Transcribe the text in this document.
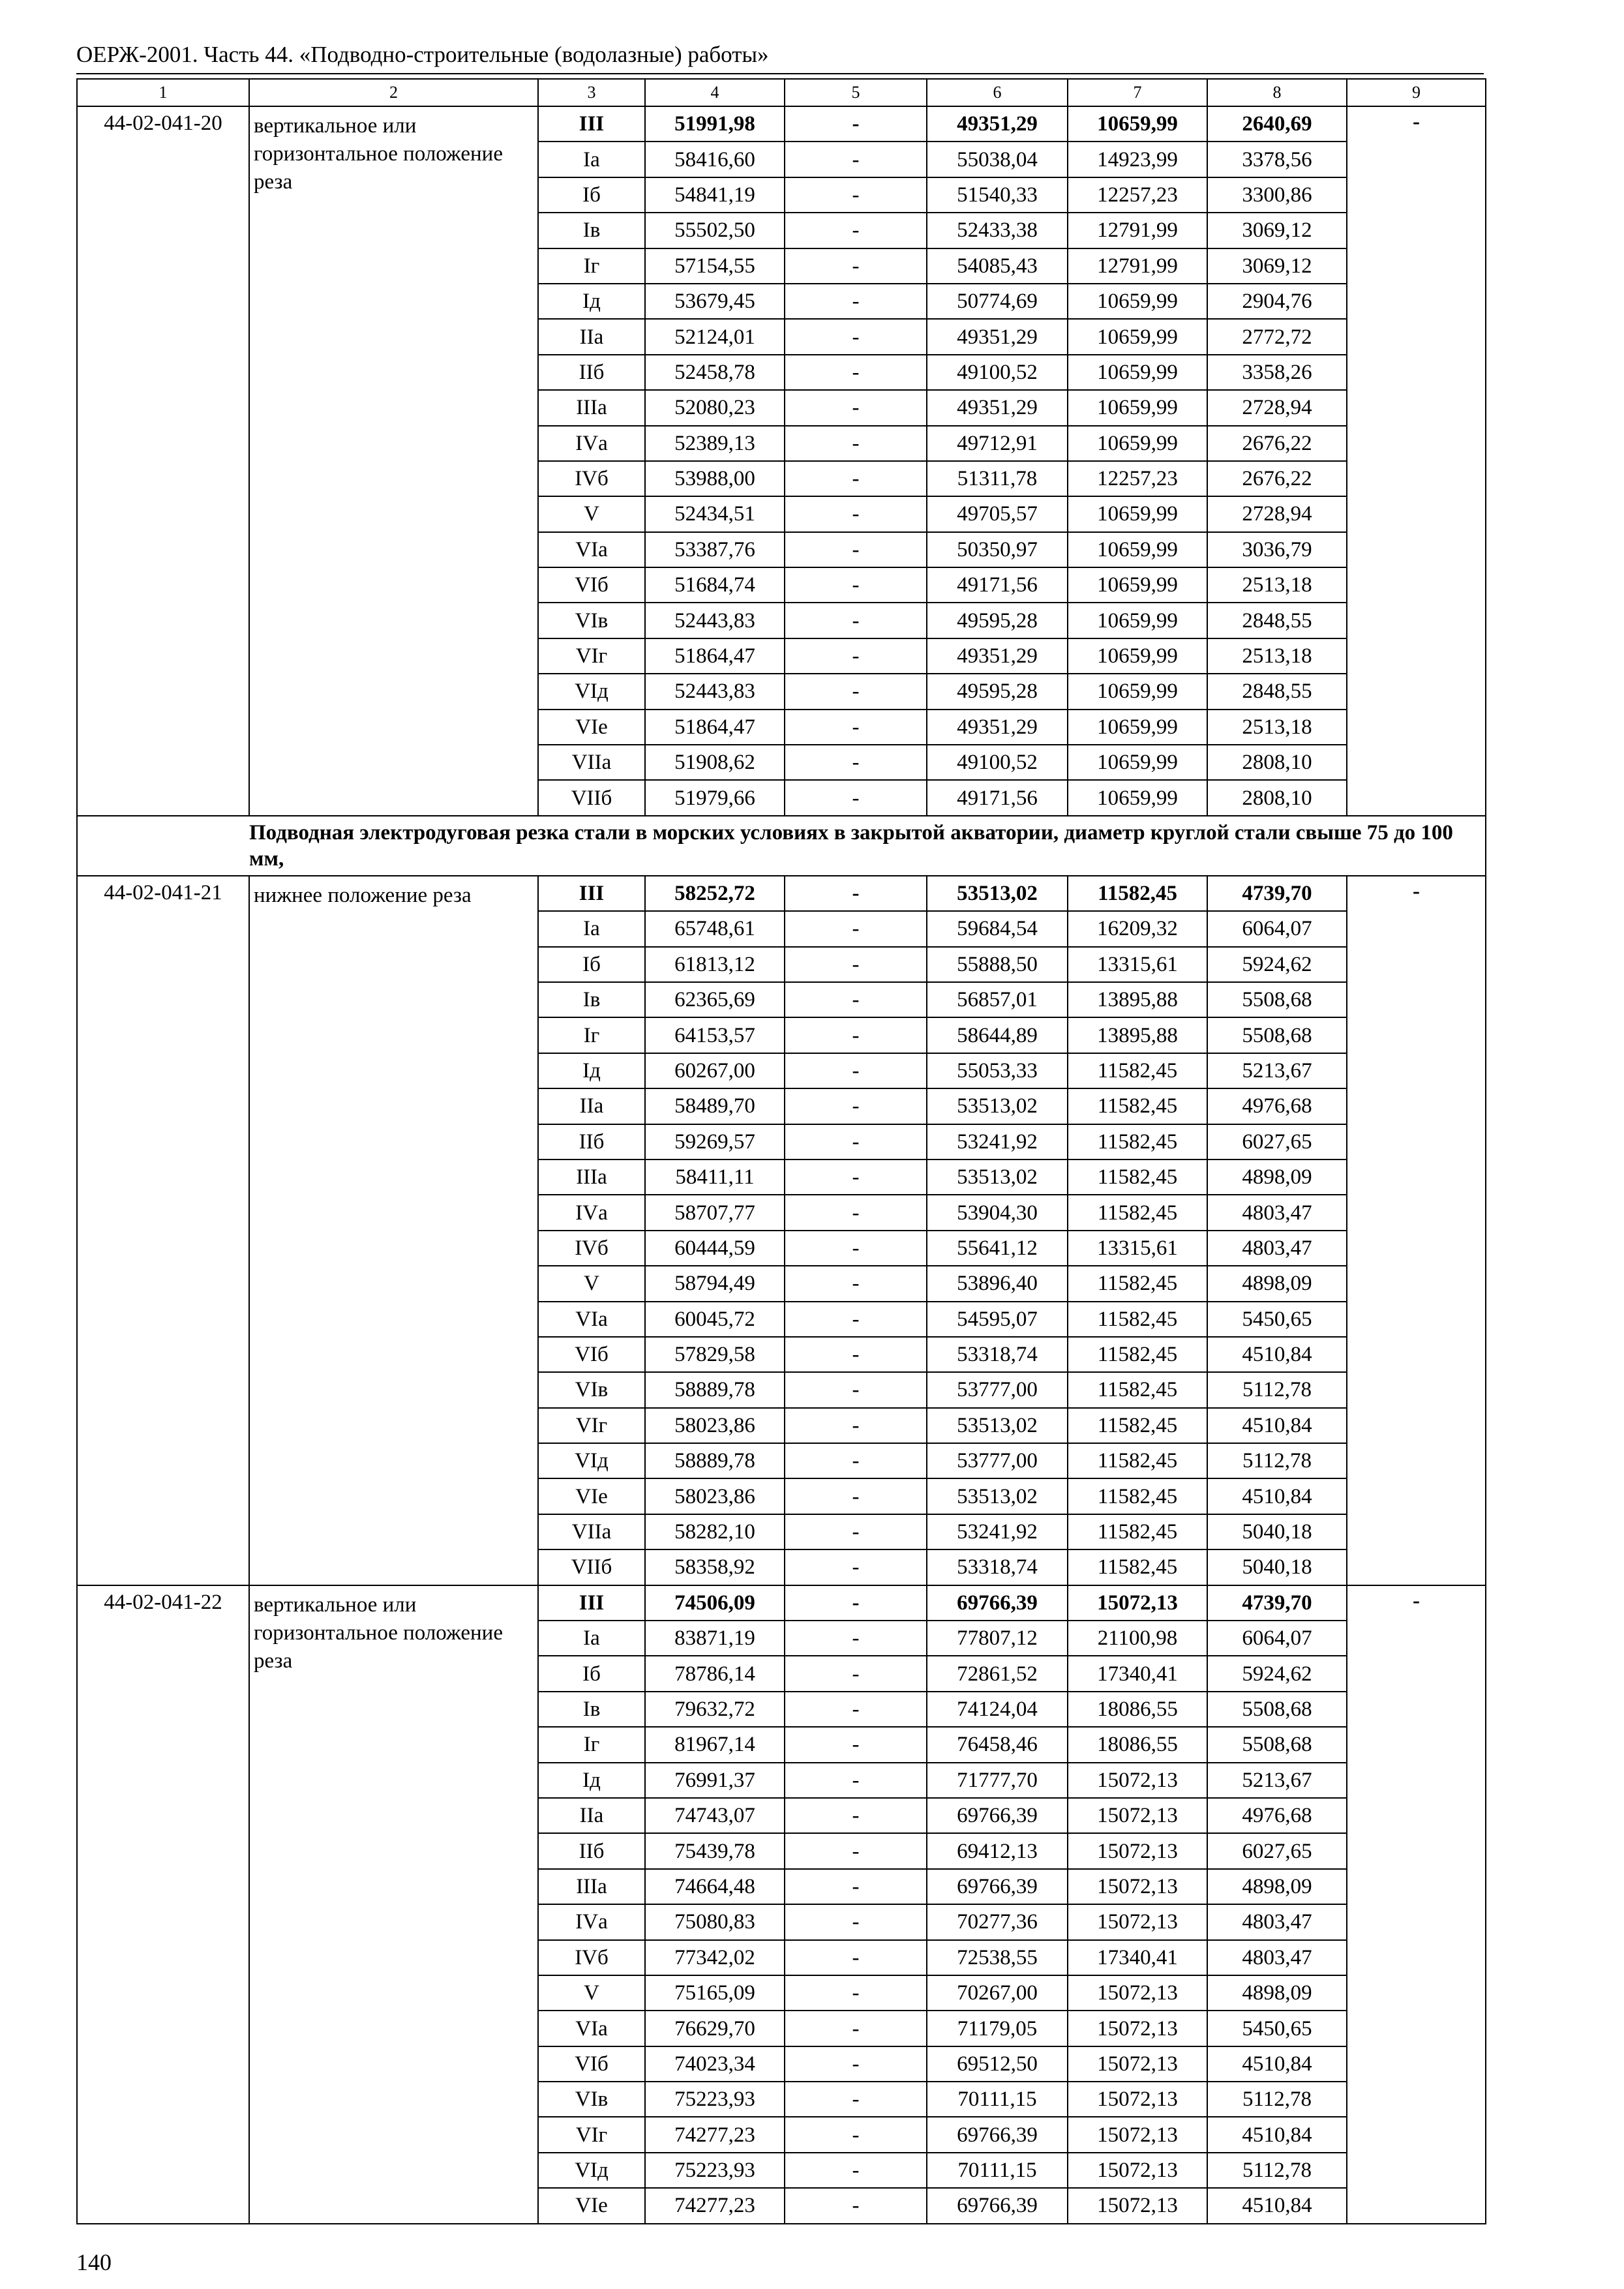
ОЕРЖ-2001. Часть 44. «Подводно-строительные (водолазные) работы»
1	2	3	4	5	6	7	8	9
44-02-041-20	вертикальное или горизонтальное положение реза	III	51991,98	-	49351,29	10659,99	2640,69	-
		Iа	58416,60	-	55038,04	14923,99	3378,56	
		Iб	54841,19	-	51540,33	12257,23	3300,86	
		Iв	55502,50	-	52433,38	12791,99	3069,12	
		Iг	57154,55	-	54085,43	12791,99	3069,12	
		Iд	53679,45	-	50774,69	10659,99	2904,76	
		IIа	52124,01	-	49351,29	10659,99	2772,72	
		IIб	52458,78	-	49100,52	10659,99	3358,26	
		IIIа	52080,23	-	49351,29	10659,99	2728,94	
		IVа	52389,13	-	49712,91	10659,99	2676,22	
		IVб	53988,00	-	51311,78	12257,23	2676,22	
		V	52434,51	-	49705,57	10659,99	2728,94	
		VIа	53387,76	-	50350,97	10659,99	3036,79	
		VIб	51684,74	-	49171,56	10659,99	2513,18	
		VIв	52443,83	-	49595,28	10659,99	2848,55	
		VIг	51864,47	-	49351,29	10659,99	2513,18	
		VIд	52443,83	-	49595,28	10659,99	2848,55	
		VIе	51864,47	-	49351,29	10659,99	2513,18	
		VIIа	51908,62	-	49100,52	10659,99	2808,10	
		VIIб	51979,66	-	49171,56	10659,99	2808,10	
	Подводная электродуговая резка стали в морских условиях в закрытой акватории, диаметр круглой стали свыше 75 до 100 мм,							
44-02-041-21	нижнее положение реза	III	58252,72	-	53513,02	11582,45	4739,70	-
		Iа	65748,61	-	59684,54	16209,32	6064,07	
		Iб	61813,12	-	55888,50	13315,61	5924,62	
		Iв	62365,69	-	56857,01	13895,88	5508,68	
		Iг	64153,57	-	58644,89	13895,88	5508,68	
		Iд	60267,00	-	55053,33	11582,45	5213,67	
		IIа	58489,70	-	53513,02	11582,45	4976,68	
		IIб	59269,57	-	53241,92	11582,45	6027,65	
		IIIа	58411,11	-	53513,02	11582,45	4898,09	
		IVа	58707,77	-	53904,30	11582,45	4803,47	
		IVб	60444,59	-	55641,12	13315,61	4803,47	
		V	58794,49	-	53896,40	11582,45	4898,09	
		VIа	60045,72	-	54595,07	11582,45	5450,65	
		VIб	57829,58	-	53318,74	11582,45	4510,84	
		VIв	58889,78	-	53777,00	11582,45	5112,78	
		VIг	58023,86	-	53513,02	11582,45	4510,84	
		VIд	58889,78	-	53777,00	11582,45	5112,78	
		VIе	58023,86	-	53513,02	11582,45	4510,84	
		VIIа	58282,10	-	53241,92	11582,45	5040,18	
		VIIб	58358,92	-	53318,74	11582,45	5040,18	
44-02-041-22	вертикальное или горизонтальное положение реза	III	74506,09	-	69766,39	15072,13	4739,70	-
		Iа	83871,19	-	77807,12	21100,98	6064,07	
		Iб	78786,14	-	72861,52	17340,41	5924,62	
		Iв	79632,72	-	74124,04	18086,55	5508,68	
		Iг	81967,14	-	76458,46	18086,55	5508,68	
		Iд	76991,37	-	71777,70	15072,13	5213,67	
		IIа	74743,07	-	69766,39	15072,13	4976,68	
		IIб	75439,78	-	69412,13	15072,13	6027,65	
		IIIа	74664,48	-	69766,39	15072,13	4898,09	
		IVа	75080,83	-	70277,36	15072,13	4803,47	
		IVб	77342,02	-	72538,55	17340,41	4803,47	
		V	75165,09	-	70267,00	15072,13	4898,09	
		VIа	76629,70	-	71179,05	15072,13	5450,65	
		VIб	74023,34	-	69512,50	15072,13	4510,84	
		VIв	75223,93	-	70111,15	15072,13	5112,78	
		VIг	74277,23	-	69766,39	15072,13	4510,84	
		VIд	75223,93	-	70111,15	15072,13	5112,78	
		VIе	74277,23	-	69766,39	15072,13	4510,84	
140
